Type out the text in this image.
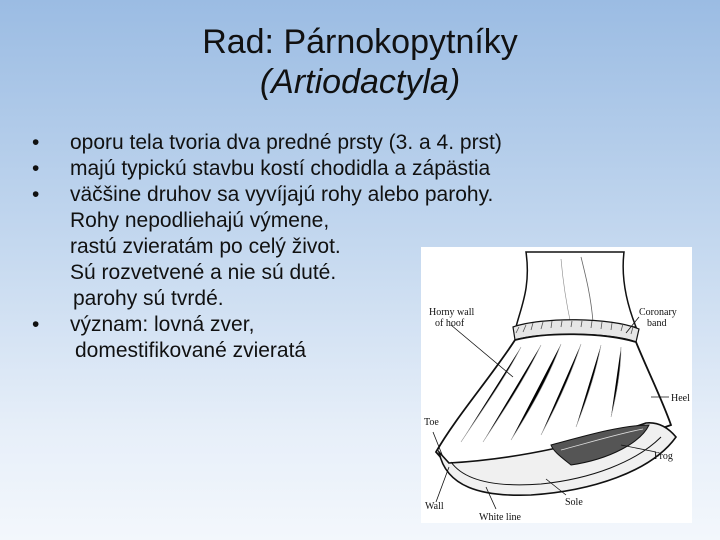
Rad: Párnokopytníky
(Artiodactyla)
• oporu tela tvoria dva predné prsty (3. a 4. prst)
• majú typickú stavbu kostí chodidla a zápästia
• väčšine druhov sa vyvíjajú rohy alebo parohy.
Rohy nepodliehajú výmene,
rastú zvieratám po celý život.
Sú rozvetvené a nie sú duté.
parohy sú tvrdé.
• význam: lovná zver,
domestifikované zvieratá
Horny wall
of hoof
Coronary
band
Heel
Toe
Frog
Sole
Wall
White line
